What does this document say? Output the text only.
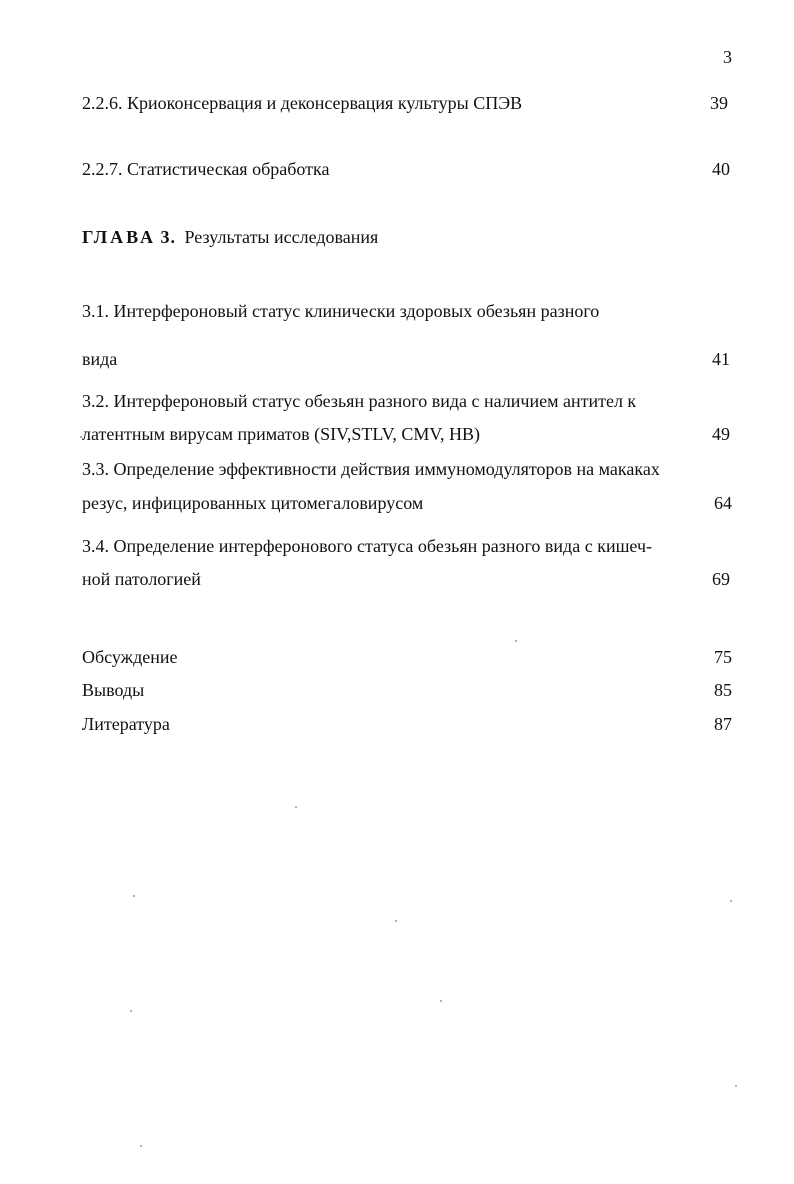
3
2.2.6. Криоконсервация и деконсервация культуры СПЭВ	39
2.2.7. Статистическая обработка	40
ГЛАВА 3. Результаты исследования
3.1. Интерфероновый статус клинически здоровых обезьян разного
вида	41
3.2. Интерфероновый статус обезьян разного вида с наличием антител к
латентным вирусам приматов (SIV,STLV, CMV, HB)	49
3.3. Определение эффективности действия иммуномодуляторов на макаках
резус, инфицированных цитомегаловирусом	64
3.4. Определение интерферонового статуса обезьян разного вида с кишеч-
ной патологией	69
Обсуждение	75
Выводы	85
Литература	87
